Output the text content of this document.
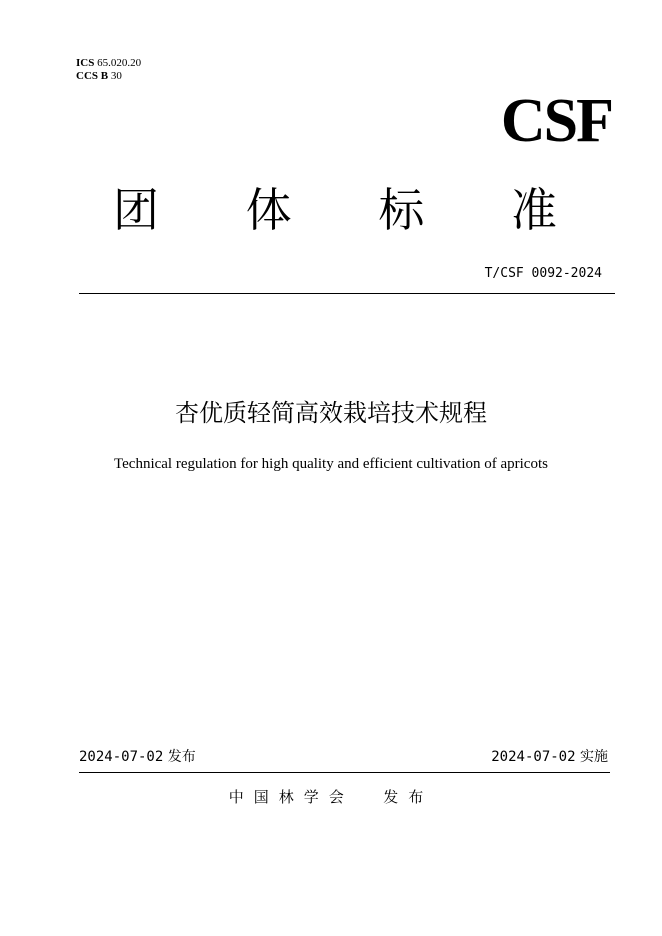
ICS 65.020.20
CCS B 30
CSF
团	体	标	准
T/CSF 0092-2024
杏优质轻简高效栽培技术规程
Technical regulation for high quality and efficient cultivation of apricots
2024-07-02 发布	2024-07-02 实施
中国林学会 发布
